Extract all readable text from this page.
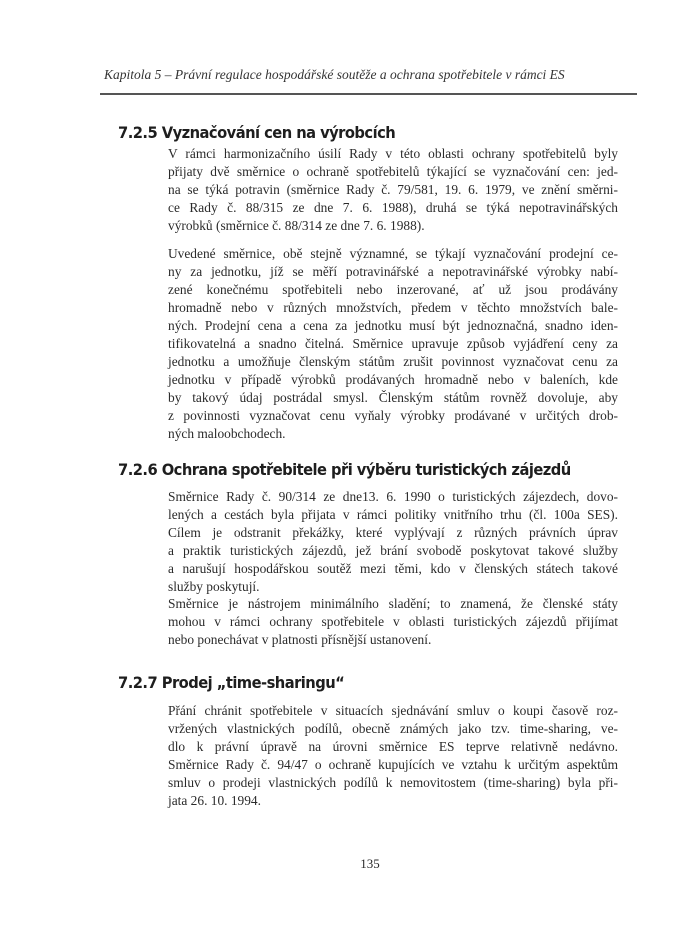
Kapitola 5 – Právní regulace hospodářské soutěže a ochrana spotřebitele v rámci ES
7.2.5 Vyznačování cen na výrobcích
V rámci harmonizačního úsilí Rady v této oblasti ochrany spotřebitelů byly
přijaty dvě směrnice o ochraně spotřebitelů týkající se vyznačování cen: jed-
na se týká potravin (směrnice Rady č. 79/581, 19. 6. 1979, ve znění směrni-
ce Rady č. 88/315 ze dne 7. 6. 1988), druhá se týká nepotravinářských
výrobků (směrnice č. 88/314 ze dne 7. 6. 1988).
Uvedené směrnice, obě stejně významné, se týkají vyznačování prodejní ce-
ny za jednotku, jíž se měří potravinářské a nepotravinářské výrobky nabí-
zené konečnému spotřebiteli nebo inzerované, ať už jsou prodávány
hromadně nebo v různých množstvích, předem v těchto množstvích bale-
ných. Prodejní cena a cena za jednotku musí být jednoznačná, snadno iden-
tifikovatelná a snadno čitelná. Směrnice upravuje způsob vyjádření ceny za
jednotku a umožňuje členským státům zrušit povinnost vyznačovat cenu za
jednotku v případě výrobků prodávaných hromadně nebo v baleních, kde
by takový údaj postrádal smysl. Členským státům rovněž dovoluje, aby
z povinnosti vyznačovat cenu vyňaly výrobky prodávané v určitých drob-
ných maloobchodech.
7.2.6 Ochrana spotřebitele při výběru turistických zájezdů
Směrnice Rady č. 90/314 ze dne13. 6. 1990 o turistických zájezdech, dovo-
lených a cestách byla přijata v rámci politiky vnitřního trhu (čl. 100a SES).
Cílem je odstranit překážky, které vyplývají z různých právních úprav
a praktik turistických zájezdů, jež brání svobodě poskytovat takové služby
a narušují hospodářskou soutěž mezi těmi, kdo v členských státech takové
služby poskytují.
Směrnice je nástrojem minimálního sladění; to znamená, že členské státy
mohou v rámci ochrany spotřebitele v oblasti turistických zájezdů přijímat
nebo ponechávat v platnosti přísnější ustanovení.
7.2.7 Prodej „time-sharingu“
Přání chránit spotřebitele v situacích sjednávání smluv o koupi časově roz-
vržených vlastnických podílů, obecně známých jako tzv. time-sharing, ve-
dlo k právní úpravě na úrovni směrnice ES teprve relativně nedávno.
Směrnice Rady č. 94/47 o ochraně kupujících ve vztahu k určitým aspektům
smluv o prodeji vlastnických podílů k nemovitostem (time-sharing) byla při-
jata 26. 10. 1994.
135
